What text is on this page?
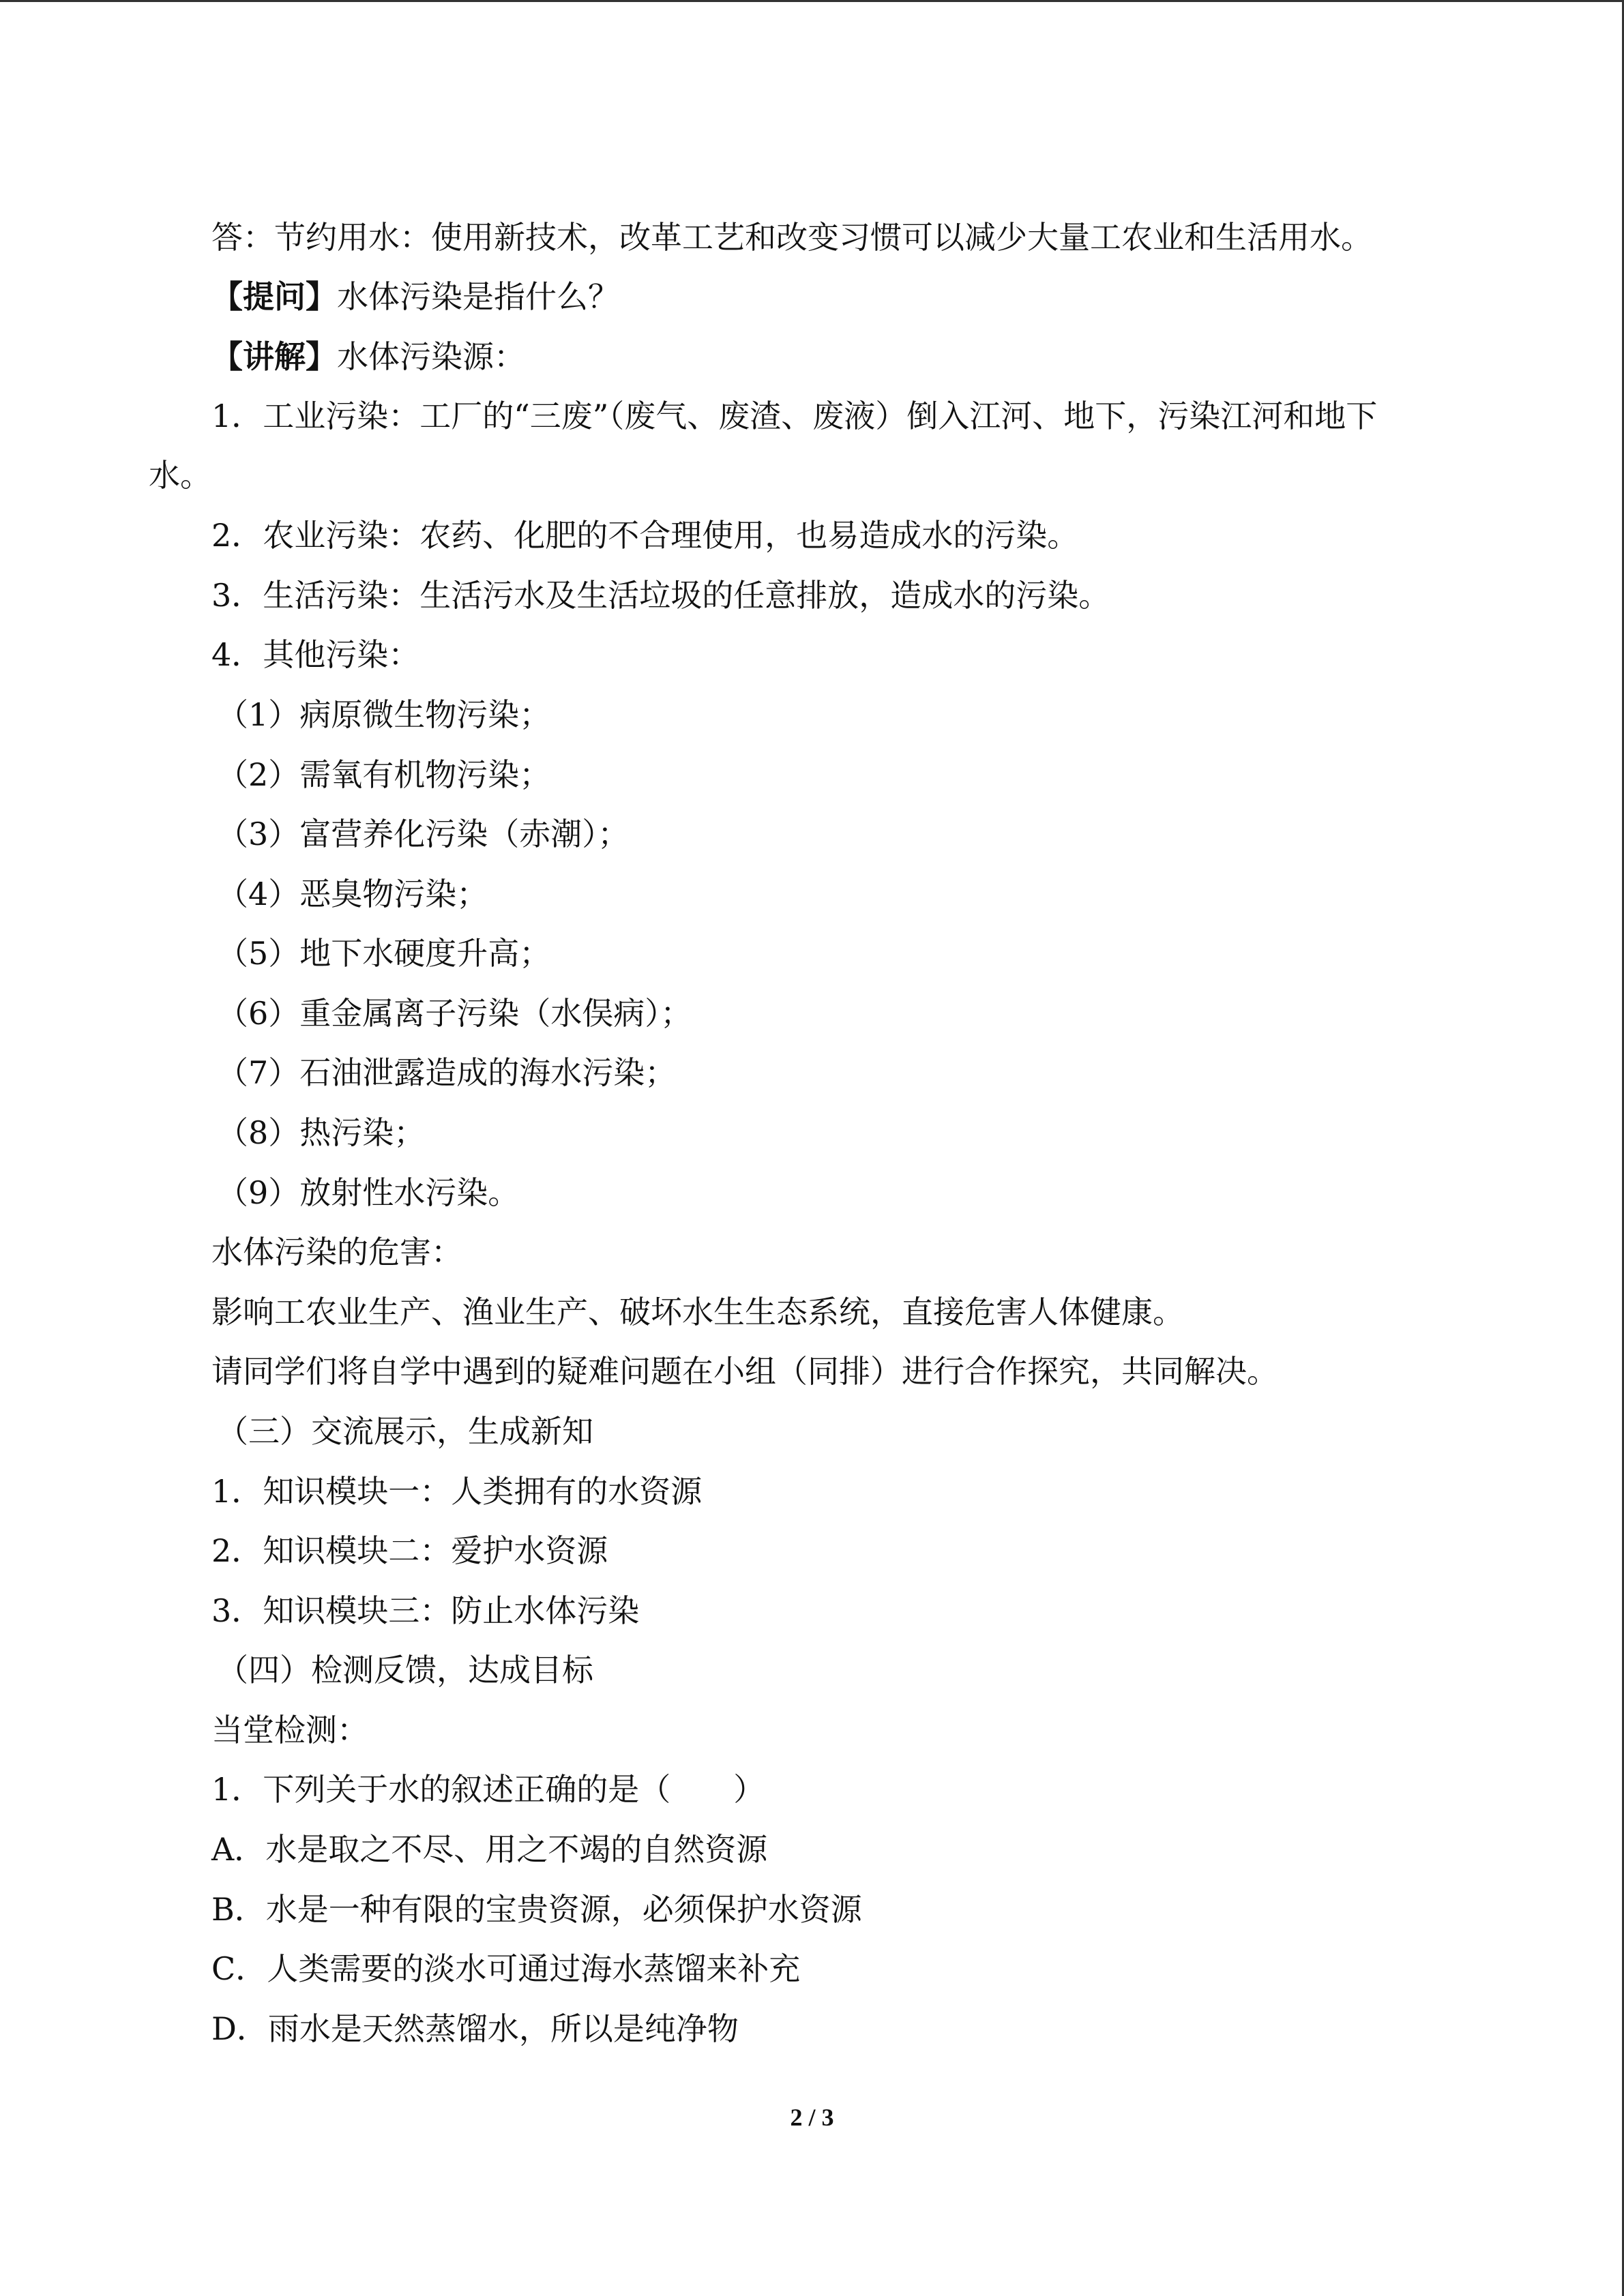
答：节约用水：使用新技术，改革工艺和改变习惯可以减少大量工农业和生活用水。
【提问】水体污染是指什么？
【讲解】水体污染源：
1．工业污染：工厂的“三废”（废气、废渣、废液）倒入江河、地下，污染江河和地下
水。
2．农业污染：农药、化肥的不合理使用，也易造成水的污染。
3．生活污染：生活污水及生活垃圾的任意排放，造成水的污染。
4．其他污染：
（1）病原微生物污染；
（2）需氧有机物污染；
（3）富营养化污染（赤潮）；
（4）恶臭物污染；
（5）地下水硬度升高；
（6）重金属离子污染（水俣病）；
（7）石油泄露造成的海水污染；
（8）热污染；
（9）放射性水污染。
水体污染的危害：
影响工农业生产、渔业生产、破坏水生生态系统，直接危害人体健康。
请同学们将自学中遇到的疑难问题在小组（同排）进行合作探究，共同解决。
（三）交流展示，生成新知
1．知识模块一：人类拥有的水资源
2．知识模块二：爱护水资源
3．知识模块三：防止水体污染
（四）检测反馈，达成目标
当堂检测：
1．下列关于水的叙述正确的是（　　）
A．水是取之不尽、用之不竭的自然资源
B．水是一种有限的宝贵资源，必须保护水资源
C．人类需要的淡水可通过海水蒸馏来补充
D．雨水是天然蒸馏水，所以是纯净物
2 / 3
